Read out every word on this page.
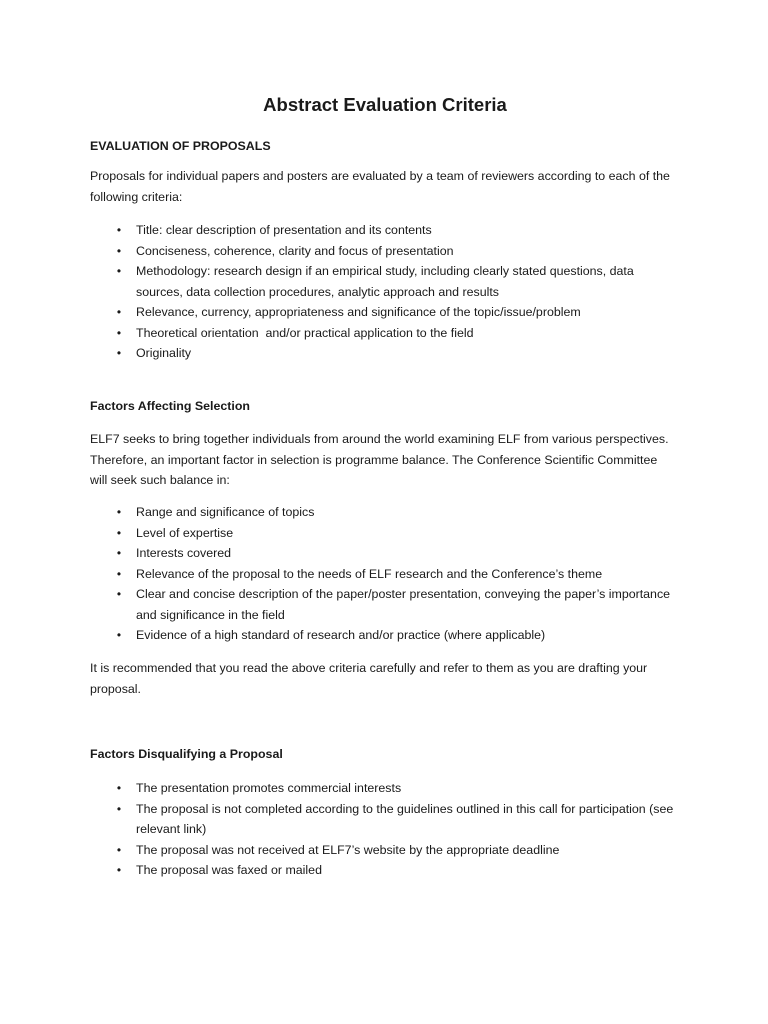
Abstract Evaluation Criteria
EVALUATION OF PROPOSALS
Proposals for individual papers and posters are evaluated by a team of reviewers according to each of the following criteria:
• Title: clear description of presentation and its contents
• Conciseness, coherence, clarity and focus of presentation
• Methodology: research design if an empirical study, including clearly stated questions, data sources, data collection procedures, analytic approach and results
• Relevance, currency, appropriateness and significance of the topic/issue/problem
• Theoretical orientation  and/or practical application to the field
• Originality
Factors Affecting Selection
ELF7 seeks to bring together individuals from around the world examining ELF from various perspectives. Therefore, an important factor in selection is programme balance. The Conference Scientific Committee will seek such balance in:
• Range and significance of topics
• Level of expertise
• Interests covered
• Relevance of the proposal to the needs of ELF research and the Conference’s theme
• Clear and concise description of the paper/poster presentation, conveying the paper’s importance and significance in the field
• Evidence of a high standard of research and/or practice (where applicable)
It is recommended that you read the above criteria carefully and refer to them as you are drafting your proposal.
Factors Disqualifying a Proposal
• The presentation promotes commercial interests
• The proposal is not completed according to the guidelines outlined in this call for participation (see relevant link)
• The proposal was not received at ELF7’s website by the appropriate deadline
• The proposal was faxed or mailed
